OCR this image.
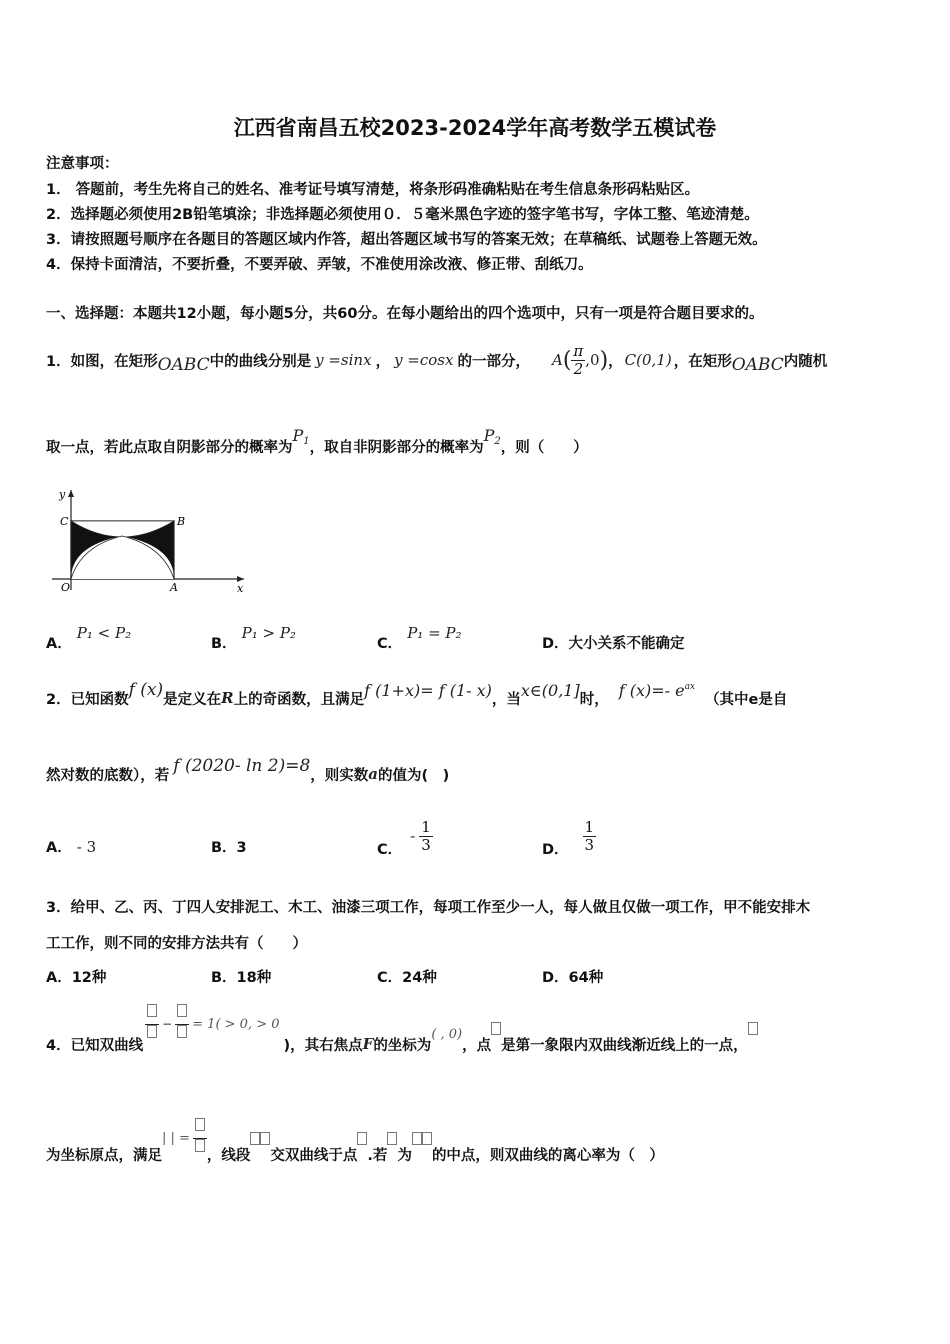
江西省南昌五校2023-2024学年高考数学五模试卷
注意事项：
1． 答题前，考生先将自己的姓名、准考证号填写清楚，将条形码准确粘贴在考生信息条形码粘贴区。
2．选择题必须使用2B铅笔填涂；非选择题必须使用０．５毫米黑色字迹的签字笔书写，字体工整、笔迹清楚。
3．请按照题号顺序在各题目的答题区域内作答，超出答题区域书写的答案无效；在草稿纸、试题卷上答题无效。
4．保持卡面清洁，不要折叠，不要弄破、弄皱，不准使用涂改液、修正带、刮纸刀。
一、选择题：本题共12小题，每小题5分，共60分。在每小题给出的四个选项中，只有一项是符合题目要求的。
1．如图，在矩形 OABC 中的曲线分别是 y =sinx ， y =cosx 的一部分， A ( $\frac{\pi}{2} ,0$ ) ， C(0,1) ，在矩形 OABC 内随机
取一点，若此点取自阴影部分的概率为
$P_1$ ，取自非阴影部分的概率为
$P_2$ ，则（　　）
y
C	B
O	A	x
A． P₁ < P₂
B． P₁ > P₂
C． P₁ = P₂
D．大小关系不能确定
2．已知函数 f (x) 是定义在 R 上的奇函数，且满足 f (1+x)= f (1- x) ，当 x∈(0,1] 时， f (x)=- $e^{ax}$
（其中e是自
然对数的底数），若 f (2020- ln 2)=8 ，则实数 a 的值为(　)
A． - 3	B．3	C．
- $\frac{1}{3}$	D． $\frac{1}{3}$
3．给甲、乙、丙、丁四人安排泥工、木工、油漆三项工作，每项工作至少一人，每人做且仅做一项工作，甲不能安排木
工工作，则不同的安排方法共有（　　）
A．12种	B．18种	C．24种	D．64种
4．已知双曲线
− = 1( > 0, > 0
)，其右焦点 F 的坐标为
( , 0)
，点 是第一象限内双曲线渐近线上的一点，
为坐标原点，满足
| | =
，线段 交双曲线于点 .若 为 的中点，则双曲线的离心率为（　）
